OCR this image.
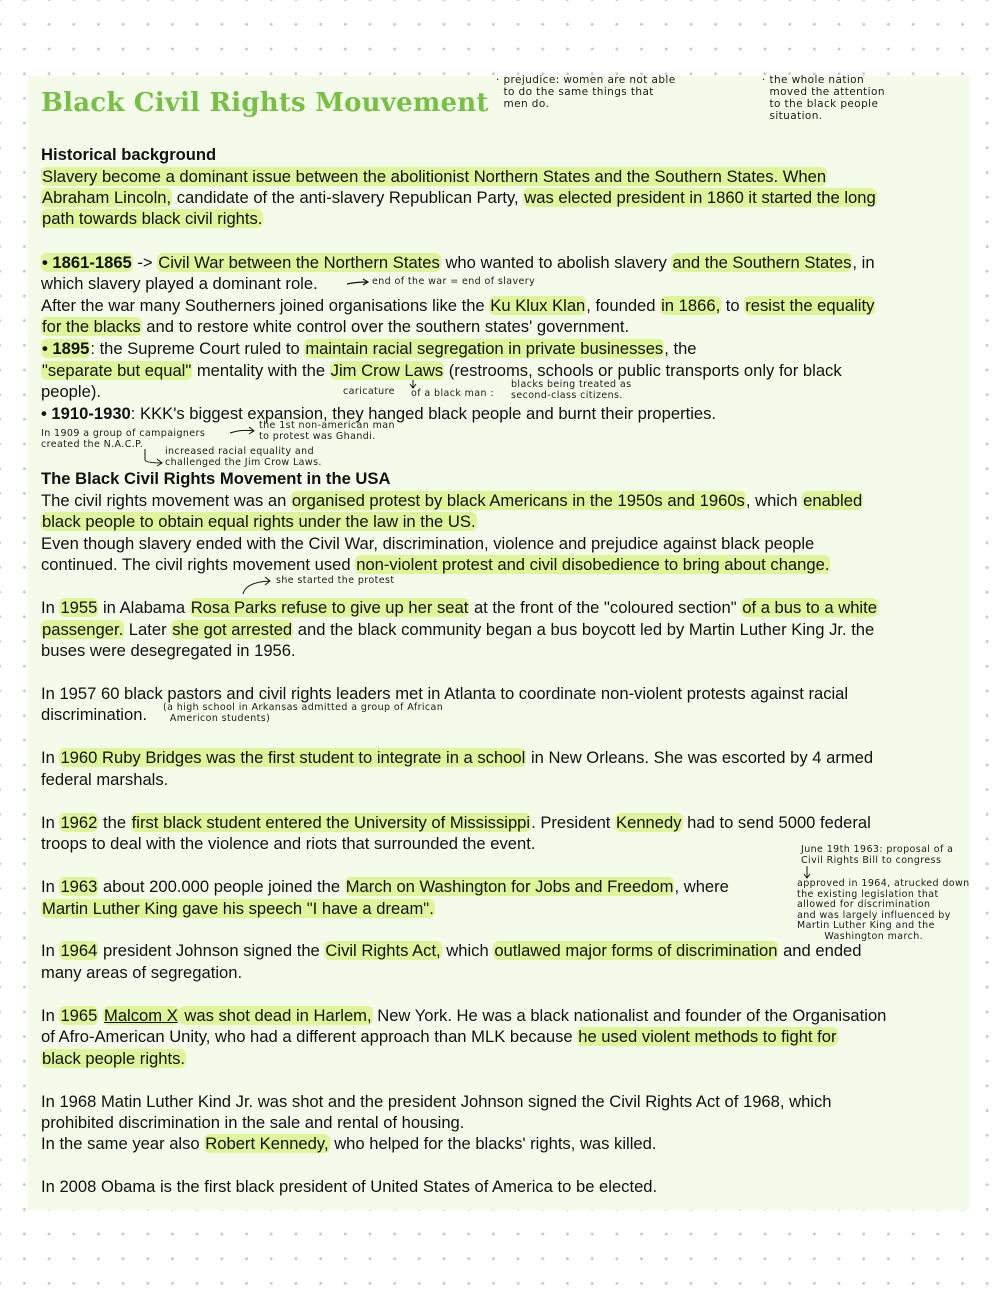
Black Civil Rights Mouvement
· prejudice: women are not able
to do the same things that
men do.
· the whole nation
moved the attention
to the black people
situation.
end of the war = end of slavery
caricature of a black man :
blacks being treated as
second-class citizens.
In 1909 a group of campaigners
created the N.A.C.P.
the 1st non-american man
to protest was Ghandi.
increased racial equality and
challenged the Jim Crow Laws.
she started the protest
(a high school in Arkansas admitted a group of African
Americon students)
June 19th 1963: proposal of a
Civil Rights Bill to congress
approved in 1964, atrucked down
the existing legislation that
allowed for discrimination
and was largely influenced by
Martin Luther King and the
Washington march.
Historical background
Slavery become a dominant issue between the abolitionist Northern States and the Southern States. When
Abraham Lincoln, candidate of the anti-slavery Republican Party, was elected president in 1860 it started the long
path towards black civil rights.
• 1861-1865 -> Civil War between the Northern States who wanted to abolish slavery and the Southern States, in
which slavery played a dominant role.
After the war many Southerners joined organisations like the Ku Klux Klan, founded in 1866, to resist the equality
for the blacks and to restore white control over the southern states' government.
• 1895: the Supreme Court ruled to maintain racial segregation in private businesses, the
"separate but equal" mentality with the Jim Crow Laws (restrooms, schools or public transports only for black
people).
• 1910-1930: KKK's biggest expansion, they hanged black people and burnt their properties.
The Black Civil Rights Movement in the USA
The civil rights movement was an organised protest by black Americans in the 1950s and 1960s, which enabled
black people to obtain equal rights under the law in the US.
Even though slavery ended with the Civil War, discrimination, violence and prejudice against black people
continued. The civil rights movement used non-violent protest and civil disobedience to bring about change.
In 1955 in Alabama Rosa Parks refuse to give up her seat at the front of the "coloured section" of a bus to a white
passenger. Later she got arrested and the black community began a bus boycott led by Martin Luther King Jr. the
buses were desegregated in 1956.
In 1957 60 black pastors and civil rights leaders met in Atlanta to coordinate non-violent protests against racial
discrimination.
In 1960 Ruby Bridges was the first student to integrate in a school in New Orleans. She was escorted by 4 armed
federal marshals.
In 1962 the first black student entered the University of Mississippi. President Kennedy had to send 5000 federal
troops to deal with the violence and riots that surrounded the event.
In 1963 about 200.000 people joined the March on Washington for Jobs and Freedom, where
Martin Luther King gave his speech "I have a dream".
In 1964 president Johnson signed the Civil Rights Act, which outlawed major forms of discrimination and ended
many areas of segregation.
In 1965 Malcom X was shot dead in Harlem, New York. He was a black nationalist and founder of the Organisation
of Afro-American Unity, who had a different approach than MLK because he used violent methods to fight for
black people rights.
In 1968 Matin Luther Kind Jr. was shot and the president Johnson signed the Civil Rights Act of 1968, which
prohibited discrimination in the sale and rental of housing.
In the same year also Robert Kennedy, who helped for the blacks' rights, was killed.
In 2008 Obama is the first black president of United States of America to be elected.
